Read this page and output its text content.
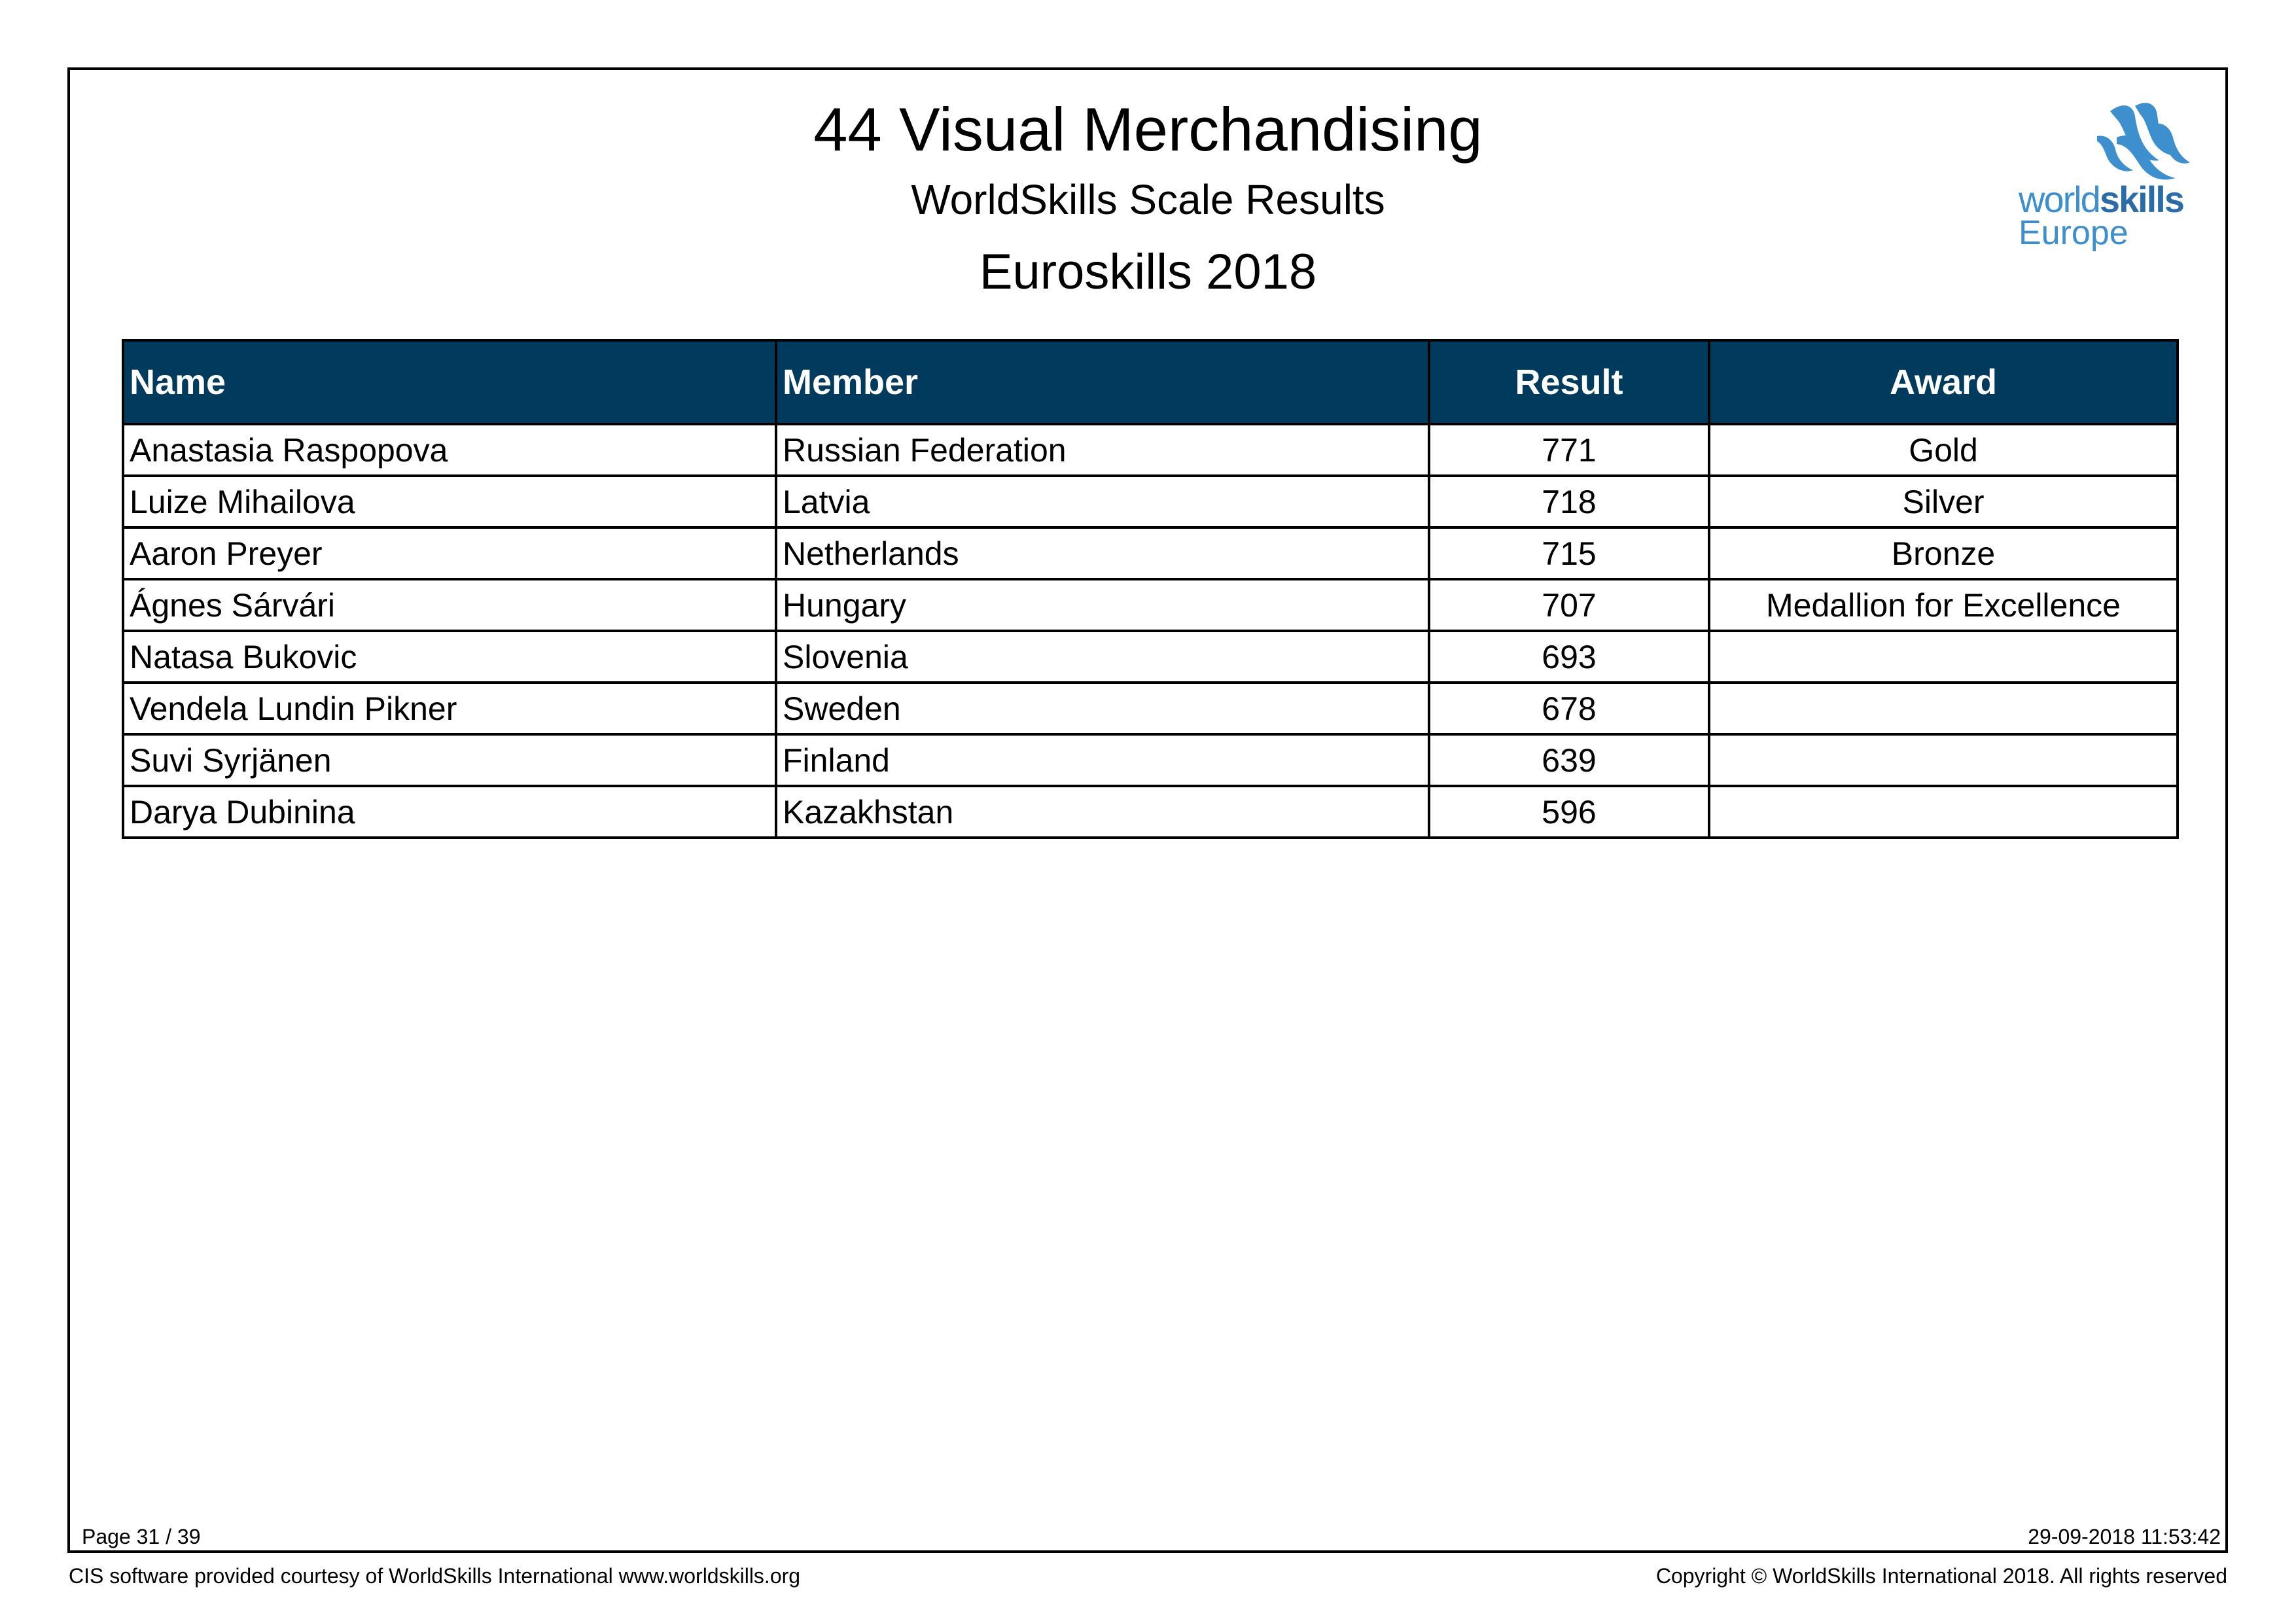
44 Visual Merchandising
WorldSkills Scale Results
Euroskills 2018
worldskills
Europe
Name	Member	Result	Award
Anastasia Raspopova	Russian Federation	771	Gold
Luize Mihailova	Latvia	718	Silver
Aaron Preyer	Netherlands	715	Bronze
Ágnes Sárvári	Hungary	707	Medallion for Excellence
Natasa Bukovic	Slovenia	693	
Vendela Lundin Pikner	Sweden	678	
Suvi Syrjänen	Finland	639	
Darya Dubinina	Kazakhstan	596	
Page 31 / 39	29-09-2018 11:53:42
CIS software provided courtesy of WorldSkills International www.worldskills.org	Copyright © WorldSkills International 2018. All rights reserved
